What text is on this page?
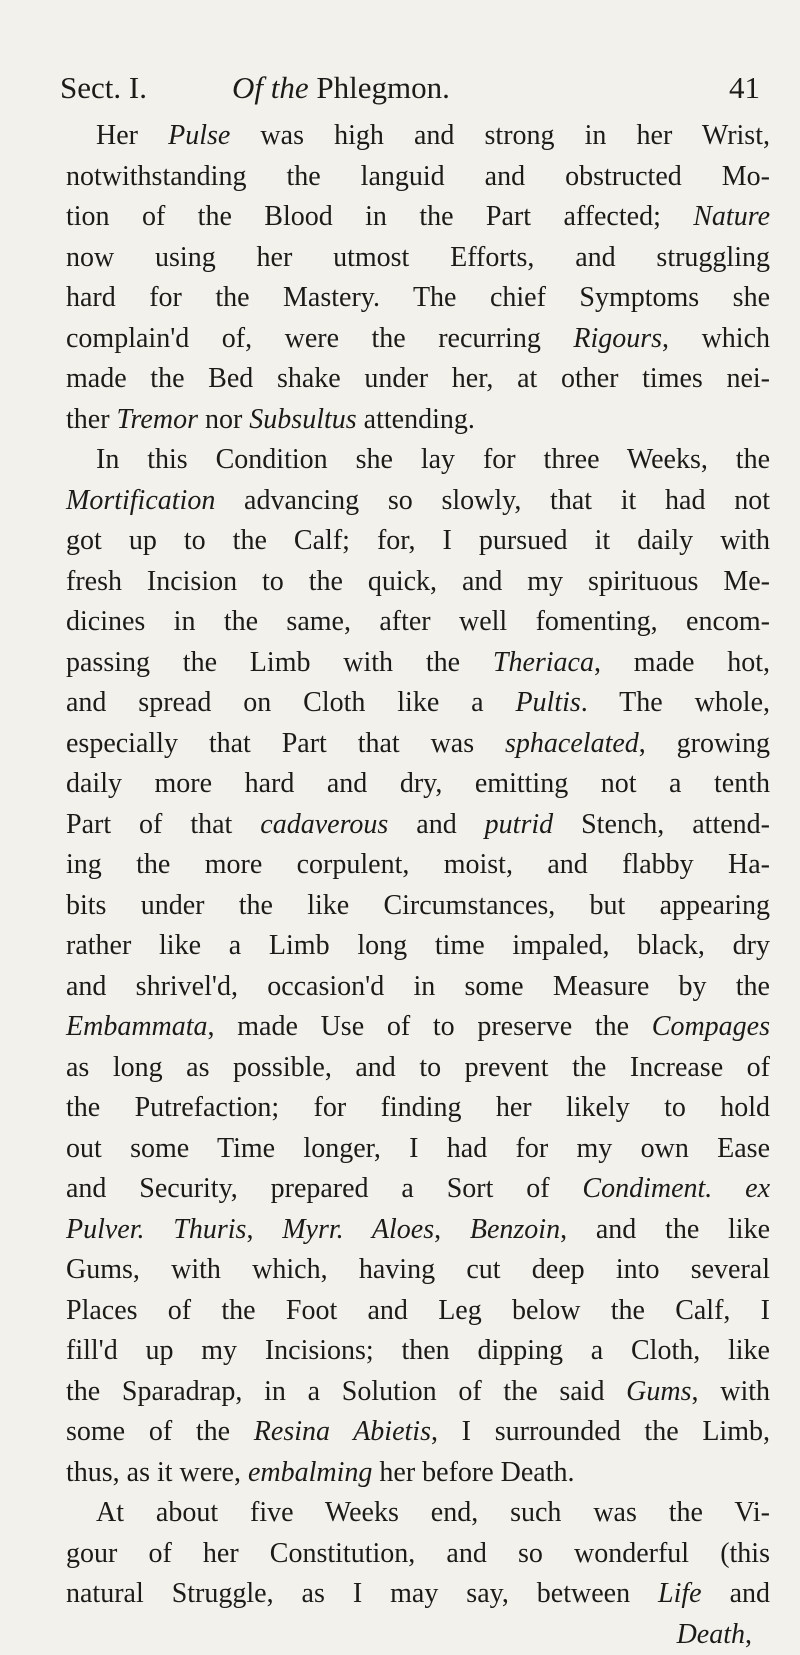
Sect. I.	Of the Phlegmon.	41
Her Pulse was high and strong in her Wrist,
notwithstanding the languid and obstructed Mo-
tion of the Blood in the Part affected; Nature
now using her utmost Efforts, and struggling
hard for the Mastery. The chief Symptoms she
complain'd of, were the recurring Rigours, which
made the Bed shake under her, at other times nei-
ther Tremor nor Subsultus attending.
In this Condition she lay for three Weeks, the
Mortification advancing so slowly, that it had not
got up to the Calf; for, I pursued it daily with
fresh Incision to the quick, and my spirituous Me-
dicines in the same, after well fomenting, encom-
passing the Limb with the Theriaca, made hot,
and spread on Cloth like a Pultis. The whole,
especially that Part that was sphacelated, growing
daily more hard and dry, emitting not a tenth
Part of that cadaverous and putrid Stench, attend-
ing the more corpulent, moist, and flabby Ha-
bits under the like Circumstances, but appearing
rather like a Limb long time impaled, black, dry
and shrivel'd, occasion'd in some Measure by the
Embammata, made Use of to preserve the Compages
as long as possible, and to prevent the Increase of
the Putrefaction; for finding her likely to hold
out some Time longer, I had for my own Ease
and Security, prepared a Sort of Condiment. ex
Pulver. Thuris, Myrr. Aloes, Benzoin, and the like
Gums, with which, having cut deep into several
Places of the Foot and Leg below the Calf, I
fill'd up my Incisions; then dipping a Cloth, like
the Sparadrap, in a Solution of the said Gums, with
some of the Resina Abietis, I surrounded the Limb,
thus, as it were, embalming her before Death.
At about five Weeks end, such was the Vi-
gour of her Constitution, and so wonderful (this
natural Struggle, as I may say, between Life and
Death,
